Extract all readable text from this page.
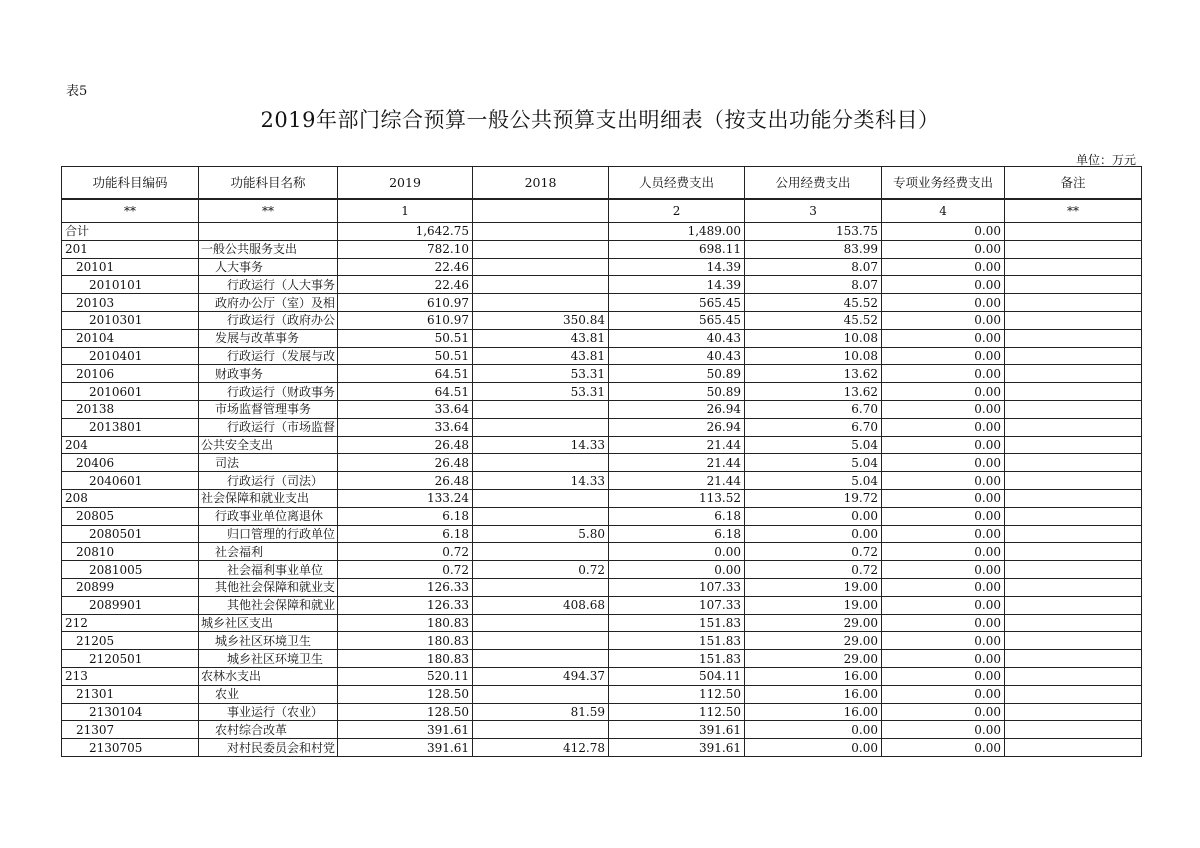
表5
2019年部门综合预算一般公共预算支出明细表（按支出功能分类科目）
单位：万元
功能科目编码	功能科目名称	2019	2018	人员经费支出	公用经费支出	专项业务经费支出	备注
**	**	1		2	3	4	**
合计		1,642.75		1,489.00	153.75	0.00	
201	一般公共服务支出	782.10		698.11	83.99	0.00	
20101	人大事务	22.46		14.39	8.07	0.00	
2010101	行政运行（人大事务	22.46		14.39	8.07	0.00	
20103	政府办公厅（室）及相	610.97		565.45	45.52	0.00	
2010301	行政运行（政府办公	610.97	350.84	565.45	45.52	0.00	
20104	发展与改革事务	50.51	43.81	40.43	10.08	0.00	
2010401	行政运行（发展与改	50.51	43.81	40.43	10.08	0.00	
20106	财政事务	64.51	53.31	50.89	13.62	0.00	
2010601	行政运行（财政事务	64.51	53.31	50.89	13.62	0.00	
20138	市场监督管理事务	33.64		26.94	6.70	0.00	
2013801	行政运行（市场监督	33.64		26.94	6.70	0.00	
204	公共安全支出	26.48	14.33	21.44	5.04	0.00	
20406	司法	26.48		21.44	5.04	0.00	
2040601	行政运行（司法）	26.48	14.33	21.44	5.04	0.00	
208	社会保障和就业支出	133.24		113.52	19.72	0.00	
20805	行政事业单位离退休	6.18		6.18	0.00	0.00	
2080501	归口管理的行政单位	6.18	5.80	6.18	0.00	0.00	
20810	社会福利	0.72		0.00	0.72	0.00	
2081005	社会福利事业单位	0.72	0.72	0.00	0.72	0.00	
20899	其他社会保障和就业支	126.33		107.33	19.00	0.00	
2089901	其他社会保障和就业	126.33	408.68	107.33	19.00	0.00	
212	城乡社区支出	180.83		151.83	29.00	0.00	
21205	城乡社区环境卫生	180.83		151.83	29.00	0.00	
2120501	城乡社区环境卫生	180.83		151.83	29.00	0.00	
213	农林水支出	520.11	494.37	504.11	16.00	0.00	
21301	农业	128.50		112.50	16.00	0.00	
2130104	事业运行（农业）	128.50	81.59	112.50	16.00	0.00	
21307	农村综合改革	391.61		391.61	0.00	0.00	
2130705	对村民委员会和村党	391.61	412.78	391.61	0.00	0.00	
